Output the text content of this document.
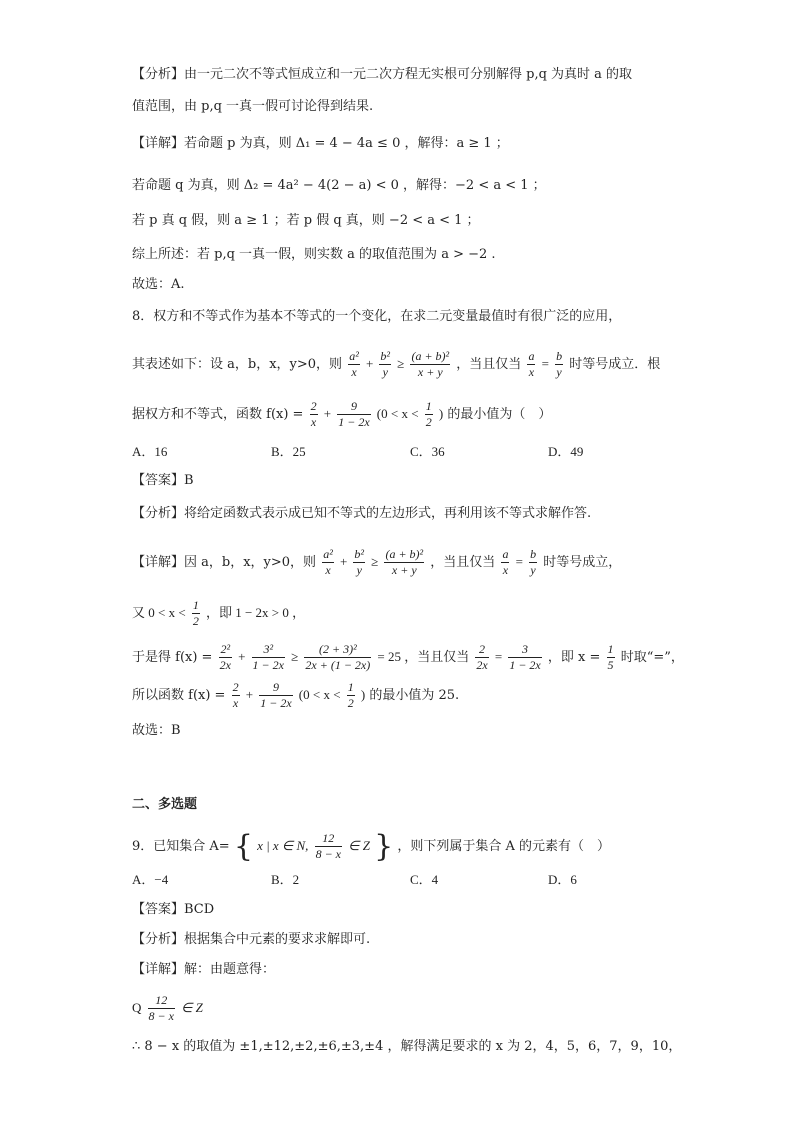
【分析】由一元二次不等式恒成立和一元二次方程无实根可分别解得 p,q 为真时 a 的取
值范围，由 p,q 一真一假可讨论得到结果.
【详解】若命题 p 为真，则 Δ₁ = 4 − 4a ≤ 0 ，解得：a ≥ 1 ；
若命题 q 为真，则 Δ₂ = 4a² − 4(2 − a) < 0 ，解得：−2 < a < 1 ；
若 p 真 q 假，则 a ≥ 1 ；若 p 假 q 真，则 −2 < a < 1 ；
综上所述：若 p,q 一真一假，则实数 a 的取值范围为 a > −2 .
故选：A.
8．权方和不等式作为基本不等式的一个变化，在求二元变量最值时有很广泛的应用，
其表述如下：设 a，b，x，y>0，则 $\frac{\text{a²}}{x} + \frac{\text{b²}}{y} \ge \frac{\text{(a + b)²}}{x + y}$ ，当且仅当 $\frac{a}{x} = \frac{b}{y}$ 时等号成立．根
据权方和不等式，函数 $f(x) = \frac{2}{x} + \frac{9}{1 - 2x} (0 < x < \frac{1}{2}$ ) 的最小值为（　）
A．16	B．25	C．36	D．49
【答案】B
【分析】将给定函数式表示成已知不等式的左边形式，再利用该不等式求解作答.
【详解】因 a，b，x，y>0，则 $\frac{\text{a²}}{x} + \frac{\text{b²}}{y} \ge \frac{\text{(a + b)²}}{x + y}$ ，当且仅当 $\frac{a}{x} = \frac{b}{y}$ 时等号成立，
又 $0 < x < \frac{1}{2}$ ，即 1 − 2x > 0 ，
于是得 $f(x) = \frac{\text{2²}}{2x} + \frac{\text{3²}}{1 - 2x} \ge \frac{\text{(2 + 3)²}}{2x + (1 - 2x)} = 25$ ，当且仅当 $\frac{2}{2x} = \frac{3}{1 - 2x}$ ，即 $x = \frac{1}{5}$ 时取“=”，
所以函数 $f(x) = \frac{2}{x} + \frac{9}{1 - 2x} (0 < x < \frac{1}{2}$ ) 的最小值为 25.
故选：B
二、多选题
9．已知集合 A= { x | x ∈ N, $\frac{12}{8 - x}$ ∈ Z } ，则下列属于集合 A 的元素有（　）
A．−4	B．2	C．4	D．6
【答案】BCD
【分析】根据集合中元素的要求求解即可.
【详解】解：由题意得：
Q $\frac{12}{8 - x}$ ∈ Z
∴ 8 − x 的取值为 ±1,±12,±2,±6,±3,±4 ，解得满足要求的 x 为 2，4，5，6，7，9，10，
